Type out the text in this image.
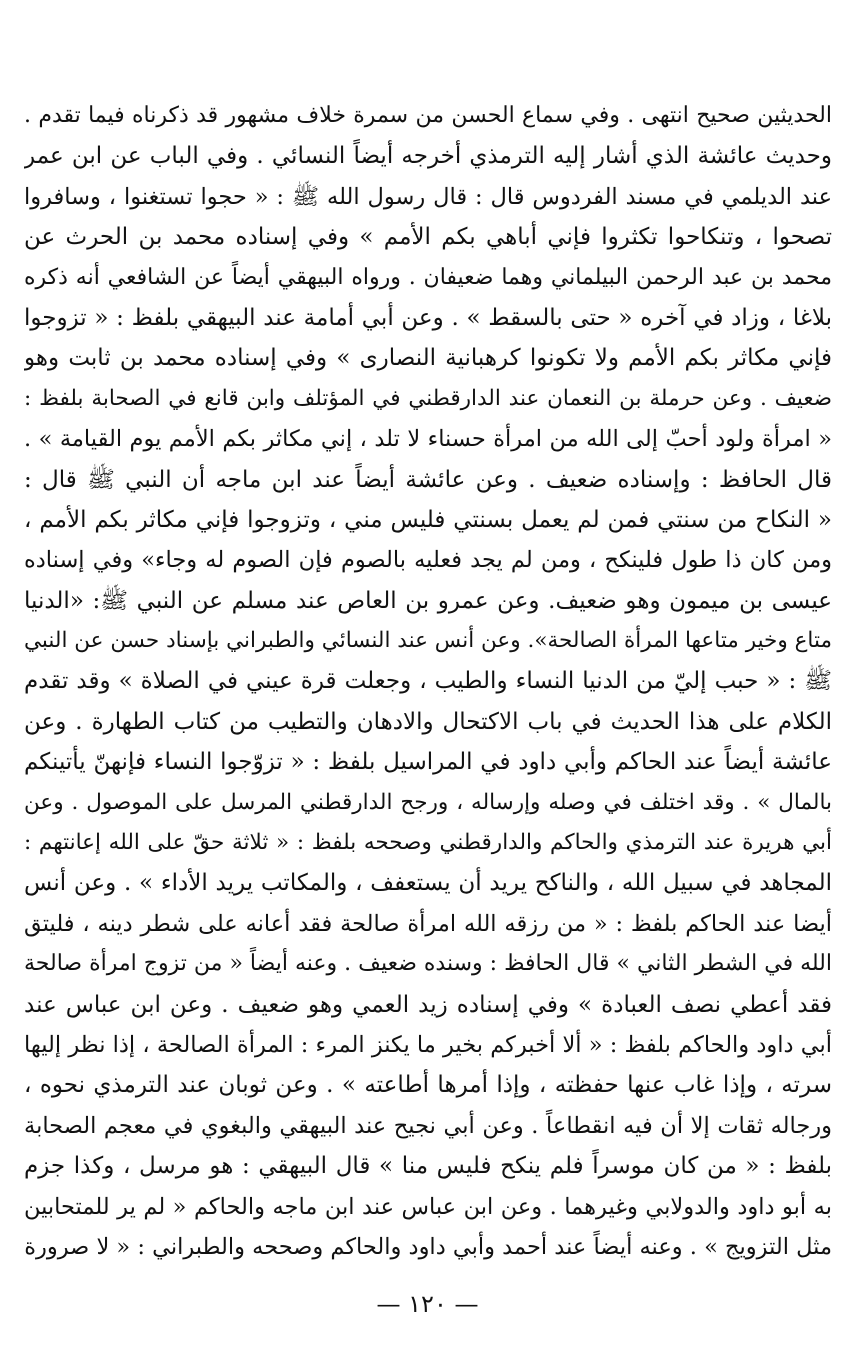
الحديثين صحيح انتهى . وفي سماع الحسن من سمرة خلاف مشهور قد ذكرناه فيما تقدم .
وحديث عائشة الذي أشار إليه الترمذي أخرجه أيضاً النسائي . وفي الباب عن ابن عمر
عند الديلمي في مسند الفردوس قال : قال رسول الله ﷺ : « حجوا تستغنوا ، وسافروا
تصحوا ، وتنكاحوا تكثروا فإني أباهي بكم الأمم » وفي إسناده محمد بن الحرث عن
محمد بن عبد الرحمن البيلماني وهما ضعيفان . ورواه البيهقي أيضاً عن الشافعي أنه ذكره
بلاغا ، وزاد في آخره « حتى بالسقط » . وعن أبي أمامة عند البيهقي بلفظ : « تزوجوا
فإني مكاثر بكم الأمم ولا تكونوا كرهبانية النصارى » وفي إسناده محمد بن ثابت وهو
ضعيف . وعن حرملة بن النعمان عند الدارقطني في المؤتلف وابن قانع في الصحابة بلفظ :
« امرأة ولود أحبّ إلى الله من امرأة حسناء لا تلد ، إني مكاثر بكم الأمم يوم القيامة » .
قال الحافظ : وإسناده ضعيف . وعن عائشة أيضاً عند ابن ماجه أن النبي ﷺ قال :
« النكاح من سنتي فمن لم يعمل بسنتي فليس مني ، وتزوجوا فإني مكاثر بكم الأمم ،
ومن كان ذا طول فلينكح ، ومن لم يجد فعليه بالصوم فإن الصوم له وجاء» وفي إسناده
عيسى بن ميمون وهو ضعيف. وعن عمرو بن العاص عند مسلم عن النبي ﷺ: «الدنيا
متاع وخير متاعها المرأة الصالحة». وعن أنس عند النسائي والطبراني بإسناد حسن عن النبي
ﷺ : « حبب إليّ من الدنيا النساء والطيب ، وجعلت قرة عيني في الصلاة » وقد تقدم
الكلام على هذا الحديث في باب الاكتحال والادهان والتطيب من كتاب الطهارة . وعن
عائشة أيضاً عند الحاكم وأبي داود في المراسيل بلفظ : « تزوّجوا النساء فإنهنّ يأتينكم
بالمال » . وقد اختلف في وصله وإرساله ، ورجح الدارقطني المرسل على الموصول . وعن
أبي هريرة عند الترمذي والحاكم والدارقطني وصححه بلفظ : « ثلاثة حقّ على الله إعانتهم :
المجاهد في سبيل الله ، والناكح يريد أن يستعفف ، والمكاتب يريد الأداء » . وعن أنس
أيضا عند الحاكم بلفظ : « من رزقه الله امرأة صالحة فقد أعانه على شطر دينه ، فليتق
الله في الشطر الثاني » قال الحافظ : وسنده ضعيف . وعنه أيضاً « من تزوج امرأة صالحة
فقد أعطي نصف العبادة » وفي إسناده زيد العمي وهو ضعيف . وعن ابن عباس عند
أبي داود والحاكم بلفظ : « ألا أخبركم بخير ما يكنز المرء : المرأة الصالحة ، إذا نظر إليها
سرته ، وإذا غاب عنها حفظته ، وإذا أمرها أطاعته » . وعن ثوبان عند الترمذي نحوه ،
ورجاله ثقات إلا أن فيه انقطاعاً . وعن أبي نجيح عند البيهقي والبغوي في معجم الصحابة
بلفظ : « من كان موسراً فلم ينكح فليس منا » قال البيهقي : هو مرسل ، وكذا جزم
به أبو داود والدولابي وغيرهما . وعن ابن عباس عند ابن ماجه والحاكم « لم ير للمتحابين
مثل التزويج » . وعنه أيضاً عند أحمد وأبي داود والحاكم وصححه والطبراني : « لا صرورة
— ١٢٠ —
